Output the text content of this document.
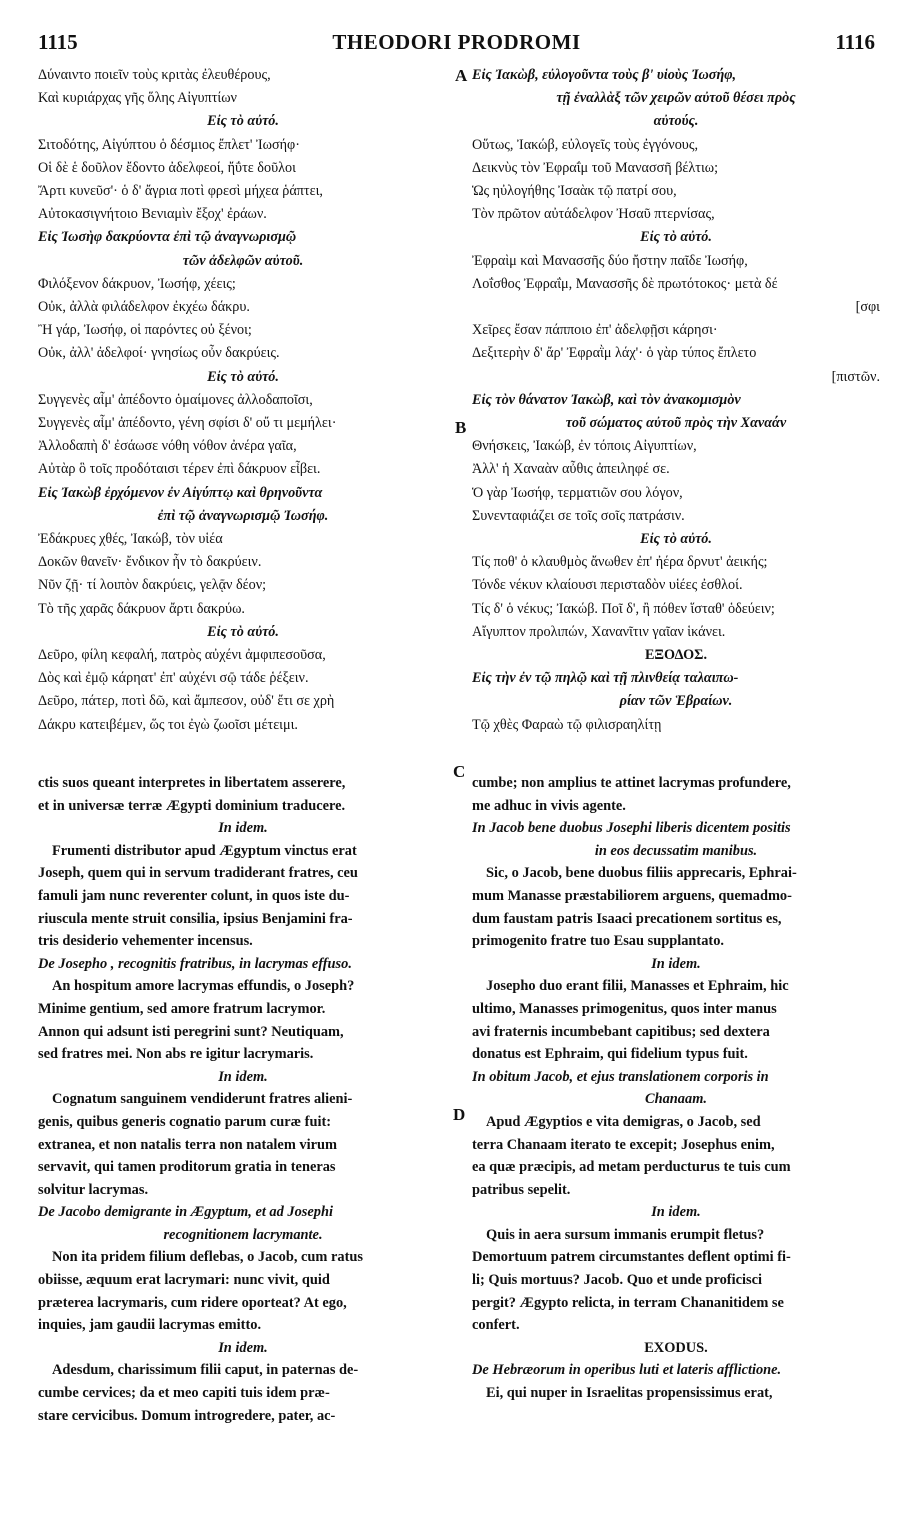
1115	THEODORI PRODROMI	1116
Δύναιντο ποιεῖν τοὺς κριτὰς ἐλευθέρους,
Καὶ κυριάρχας γῆς ὅλης Αἰγυπτίων
Εἰς τὸ αὐτό.
Σιτοδότης, Αἰγύπτου ὁ δέσμιος ἔπλετ' Ἰωσήφ·
Οἱ δὲ ἑ δοῦλον ἔδοντο ἀδελφεοί, ἤΰτε δοῦλοι
Ἄρτι κυνεῦσ'· ὁ δ' ἄγρια ποτὶ φρεσὶ μήχεα ῥάπτει,
Αὐτοκασιγνήτοιο Βενιαμὶν ἔξοχ' ἐράων.
Εἰς Ἰωσὴφ δακρύοντα ἐπὶ τῷ ἀναγνωρισμῷ
τῶν ἀδελφῶν αὐτοῦ.
Φιλόξενον δάκρυον, Ἰωσήφ, χέεις;
Οὐκ, ἀλλὰ φιλάδελφον ἐκχέω δάκρυ.
Ἢ γάρ, Ἰωσήφ, οἱ παρόντες οὐ ξένοι;
Οὐκ, ἀλλ' ἀδελφοί· γνησίως οὖν δακρύεις.
Εἰς τὸ αὐτό.
Συγγενὲς αἷμ' ἀπέδοντο ὁμαίμονες ἀλλοδαποῖσι,
Συγγενὲς αἷμ' ἀπέδοντο, γένη σφίσι δ' οὔ τι μεμήλει·
Ἀλλοδαπὴ δ' ἐσάωσε νόθη νόθον ἀνέρα γαῖα,
Αὐτὰρ ὃ τοῖς προδόταισι τέρεν ἐπὶ δάκρυον εἶβει.
Εἰς Ἰακὼβ ἐρχόμενον ἐν Αἰγύπτῳ καὶ θρηνοῦντα
ἐπὶ τῷ ἀναγνωρισμῷ Ἰωσήφ.
Ἐδάκρυες χθές, Ἰακώβ, τὸν υἱέα
Δοκῶν θανεῖν· ἔνδικον ἦν τὸ δακρύειν.
Νῦν ζῇ· τί λοιπὸν δακρύεις, γελᾷν δέον;
Τὸ τῆς χαρᾶς δάκρυον ἄρτι δακρύω.
Εἰς τὸ αὐτό.
Δεῦρο, φίλη κεφαλή, πατρὸς αὐχένι ἀμφιπεσοῦσα,
Δὸς καὶ ἐμῷ κάρηατ' ἐπ' αὐχένι σῷ τάδε ῥέξειν.
Δεῦρο, πάτερ, ποτὶ δῶ, καὶ ἄμπεσον, οὐδ' ἔτι σε χρὴ
Δάκρυ κατειβέμεν, ὥς τοι ἐγὼ ζωοῖσι μέτειμι.
Εἰς Ἰακὼβ, εὐλογοῦντα τοὺς β' υἱοὺς Ἰωσήφ,
τῇ ἐναλλὰξ τῶν χειρῶν αὐτοῦ θέσει πρὸς
αὐτούς.
Οὕτως, Ἰακώβ, εὐλογεῖς τοὺς ἐγγόνους,
Δεικνὺς τὸν Ἐφραΐμ τοῦ Μανασσῆ βέλτιω;
Ὡς ηὐλογήθης Ἰσαὰκ τῷ πατρί σου,
Τὸν πρῶτον αὐτάδελφον Ἠσαῦ πτερνίσας,
Εἰς τὸ αὐτό.
Ἐφραὶμ καὶ Μανασσῆς δύο ἤστην παῖδε Ἰωσήφ,
Λοΐσθος Ἐφραΐμ, Μανασσῆς δὲ πρωτότοκος· μετὰ δέ
[σφι
Χεῖρες ἔσαν πάπποιο ἐπ' ἀδελφῇσι κάρησι·
Δεξιτερὴν δ' ἄρ' Ἐφραῒμ λάχ'· ὁ γὰρ τύπος ἔπλετο
[πιστῶν.
Εἰς τὸν θάνατον Ἰακὼβ, καὶ τὸν ἀνακομισμὸν
τοῦ σώματος αὐτοῦ πρὸς τὴν Χαναάν
Θνήσκεις, Ἰακώβ, ἐν τόποις Αἰγυπτίων,
Ἀλλ' ἡ Χαναὰν αὖθις ἀπειληφέ σε.
Ὁ γὰρ Ἰωσήφ, τερματιῶν σου λόγον,
Συνενταφιάζει σε τοῖς σοῖς πατράσιν.
Εἰς τὸ αὐτό.
Τίς ποθ' ὁ κλαυθμὸς ἄνωθεν ἐπ' ἠέρα δρνυτ' ἀεικής;
Τόνδε νέκυν κλαίουσι περισταδὸν υἱέες ἐσθλοί.
Τίς δ' ὁ νέκυς; Ἰακώβ. Ποῖ δ', ἢ πόθεν ἵσταθ' ὁδεύειν;
Αἴγυπτον προλιπών, Χανανῖτιν γαῖαν ἱκάνει.
ΕΞΟΔΟΣ.
Εἰς τὴν ἐν τῷ πηλῷ καὶ τῇ πλινθείᾳ ταλαιπω-
ρίαν τῶν Ἑβραίων.
Τῷ χθὲς Φαραὼ τῷ φιλισραηλίτῃ
ctis suos queant interpretes in libertatem asserere,
et in universæ terræ Ægypti dominium traducere.
In idem.
Frumenti distributor apud Ægyptum vinctus erat
Joseph, quem qui in servum tradiderant fratres, ceu
famuli jam nunc reverenter colunt, in quos iste du-
riuscula mente struit consilia, ipsius Benjamini fra-
tris desiderio vehementer incensus.
De Josepho , recognitis fratribus, in lacrymas effuso.
An hospitum amore lacrymas effundis, o Joseph?
Minime gentium, sed amore fratrum lacrymor.
Annon qui adsunt isti peregrini sunt? Neutiquam,
sed fratres mei. Non abs re igitur lacrymaris.
In idem.
Cognatum sanguinem vendiderunt fratres alieni-
genis, quibus generis cognatio parum curæ fuit:
extranea, et non natalis terra non natalem virum
servavit, qui tamen proditorum gratia in teneras
solvitur lacrymas.
De Jacobo demigrante in Ægyptum, et ad Josephi
recognitionem lacrymante.
Non ita pridem filium deflebas, o Jacob, cum ratus
obiisse, æquum erat lacrymari: nunc vivit, quid
præterea lacrymaris, cum ridere oporteat? At ego,
inquies, jam gaudii lacrymas emitto.
In idem.
Adesdum, charissimum filii caput, in paternas de-
cumbe cervices; da et meo capiti tuis idem præ-
stare cervicibus. Domum introgredere, pater, ac-
cumbe; non amplius te attinet lacrymas profundere,
me adhuc in vivis agente.
In Jacob bene duobus Josephi liberis dicentem positis
in eos decussatim manibus.
Sic, o Jacob, bene duobus filiis apprecaris, Ephrai-
mum Manasse præstabiliorem arguens, quemadmo-
dum faustam patris Isaaci precationem sortitus es,
primogenito fratre tuo Esau supplantato.
In idem.
Josepho duo erant filii, Manasses et Ephraim, hic
ultimo, Manasses primogenitus, quos inter manus
avi fraternis incumbebant capitibus; sed dextera
donatus est Ephraim, qui fidelium typus fuit.
In obitum Jacob, et ejus translationem corporis in
Chanaam.
Apud Ægyptios e vita demigras, o Jacob, sed
terra Chanaam iterato te excepit; Josephus enim,
ea quæ præcipis, ad metam perducturus te tuis cum
patribus sepelit.
In idem.
Quis in aera sursum immanis erumpit fletus?
Demortuum patrem circumstantes deflent optimi fi-
li; Quis mortuus? Jacob. Quo et unde proficisci
pergit? Ægypto relicta, in terram Chananitidem se
confert.
EXODUS.
De Hebræorum in operibus luti et lateris afflictione.
Ei, qui nuper in Israelitas propensissimus erat,
A
B
C
D
